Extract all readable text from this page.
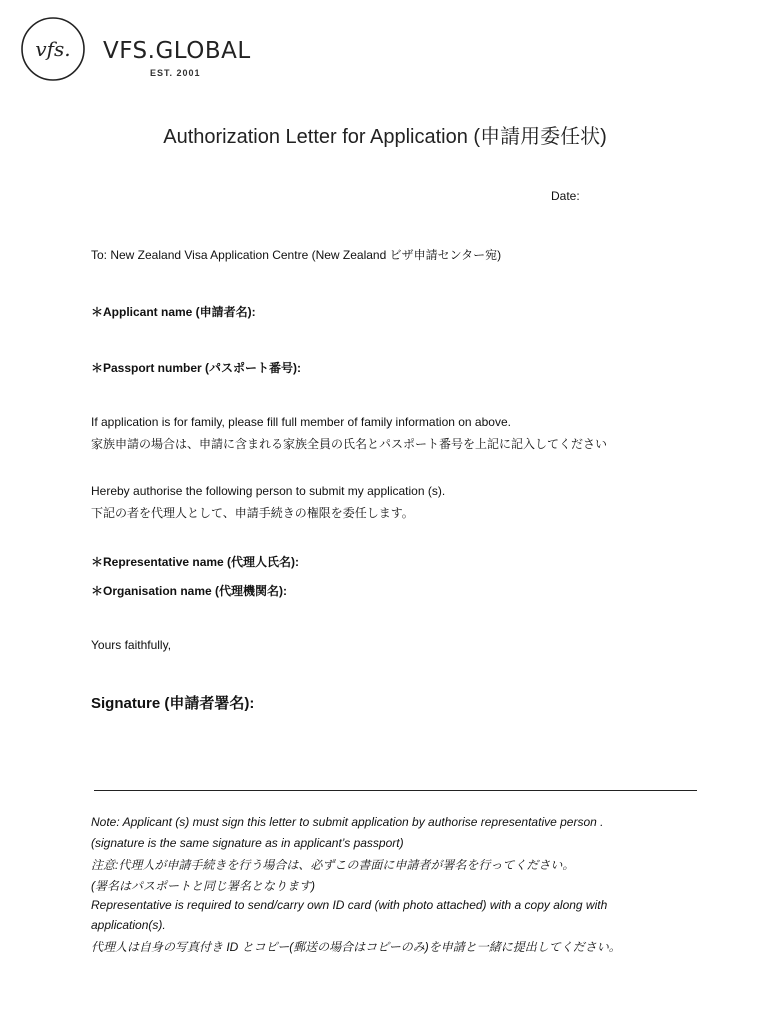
vfs. VFS.GLOBAL
EST. 2001
Authorization Letter for Application (申請用委任状)
Date:
To: New Zealand Visa Application Centre (New Zealand ビザ申請センター宛)
＊Applicant name (申請者名):
＊Passport number (パスポート番号):
If application is for family, please fill full member of family information on above.
家族申請の場合は、申請に含まれる家族全員の氏名とパスポート番号を上記に記入してください
Hereby authorise the following person to submit my application (s).
下記の者を代理人として、申請手続きの権限を委任します。
＊Representative name (代理人氏名):
＊Organisation name (代理機関名):
Yours faithfully,
Signature (申請者署名):
Note: Applicant (s) must sign this letter to submit application by authorise representative person .
(signature is the same signature as in applicant’s passport)
注意:代理人が申請手続きを行う場合は、必ずこの書面に申請者が署名を行ってください。
(署名はパスポートと同じ署名となります)
Representative is required to send/carry own ID card (with photo attached) with a copy along with
application(s).
代理人は自身の写真付き ID とコピー(郵送の場合はコピーのみ)を申請と一緒に提出してください。
